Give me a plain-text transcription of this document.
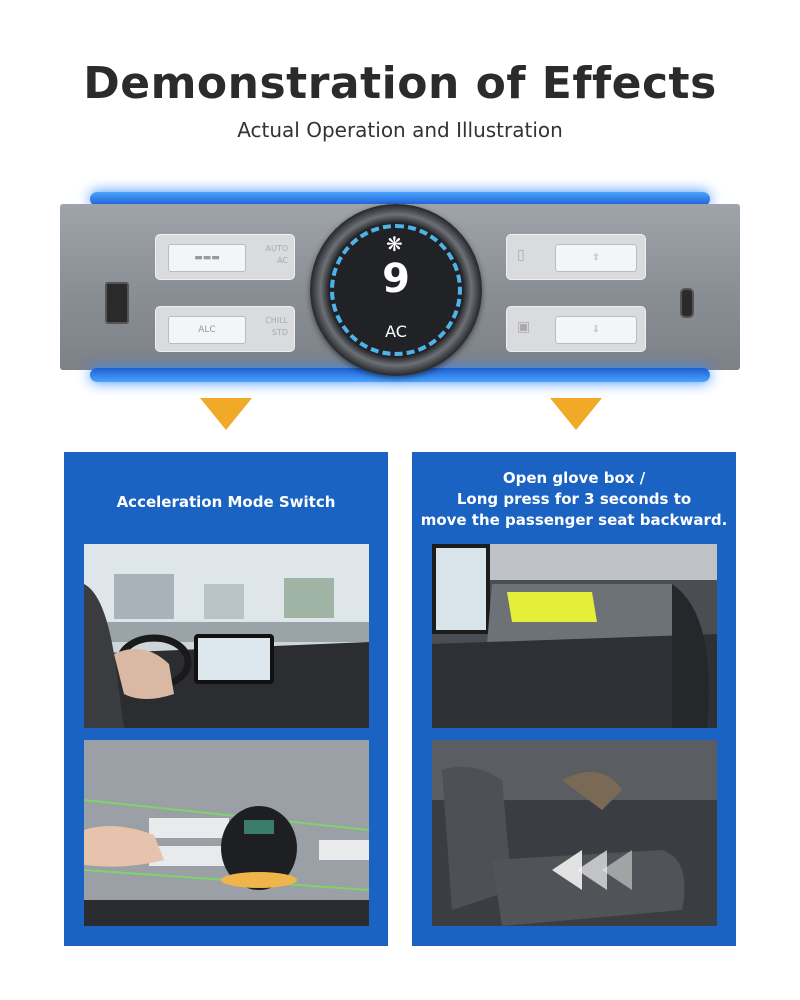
Demonstration of Effects
Actual Operation and Illustration
▬▬▬
AUTO
AC
ALC
CHILL
STD
▯	⇧
▣	⇩
❋
9
AC
Acceleration Mode Switch
Open glove box /
Long press for 3 seconds to
move the passenger seat backward.
